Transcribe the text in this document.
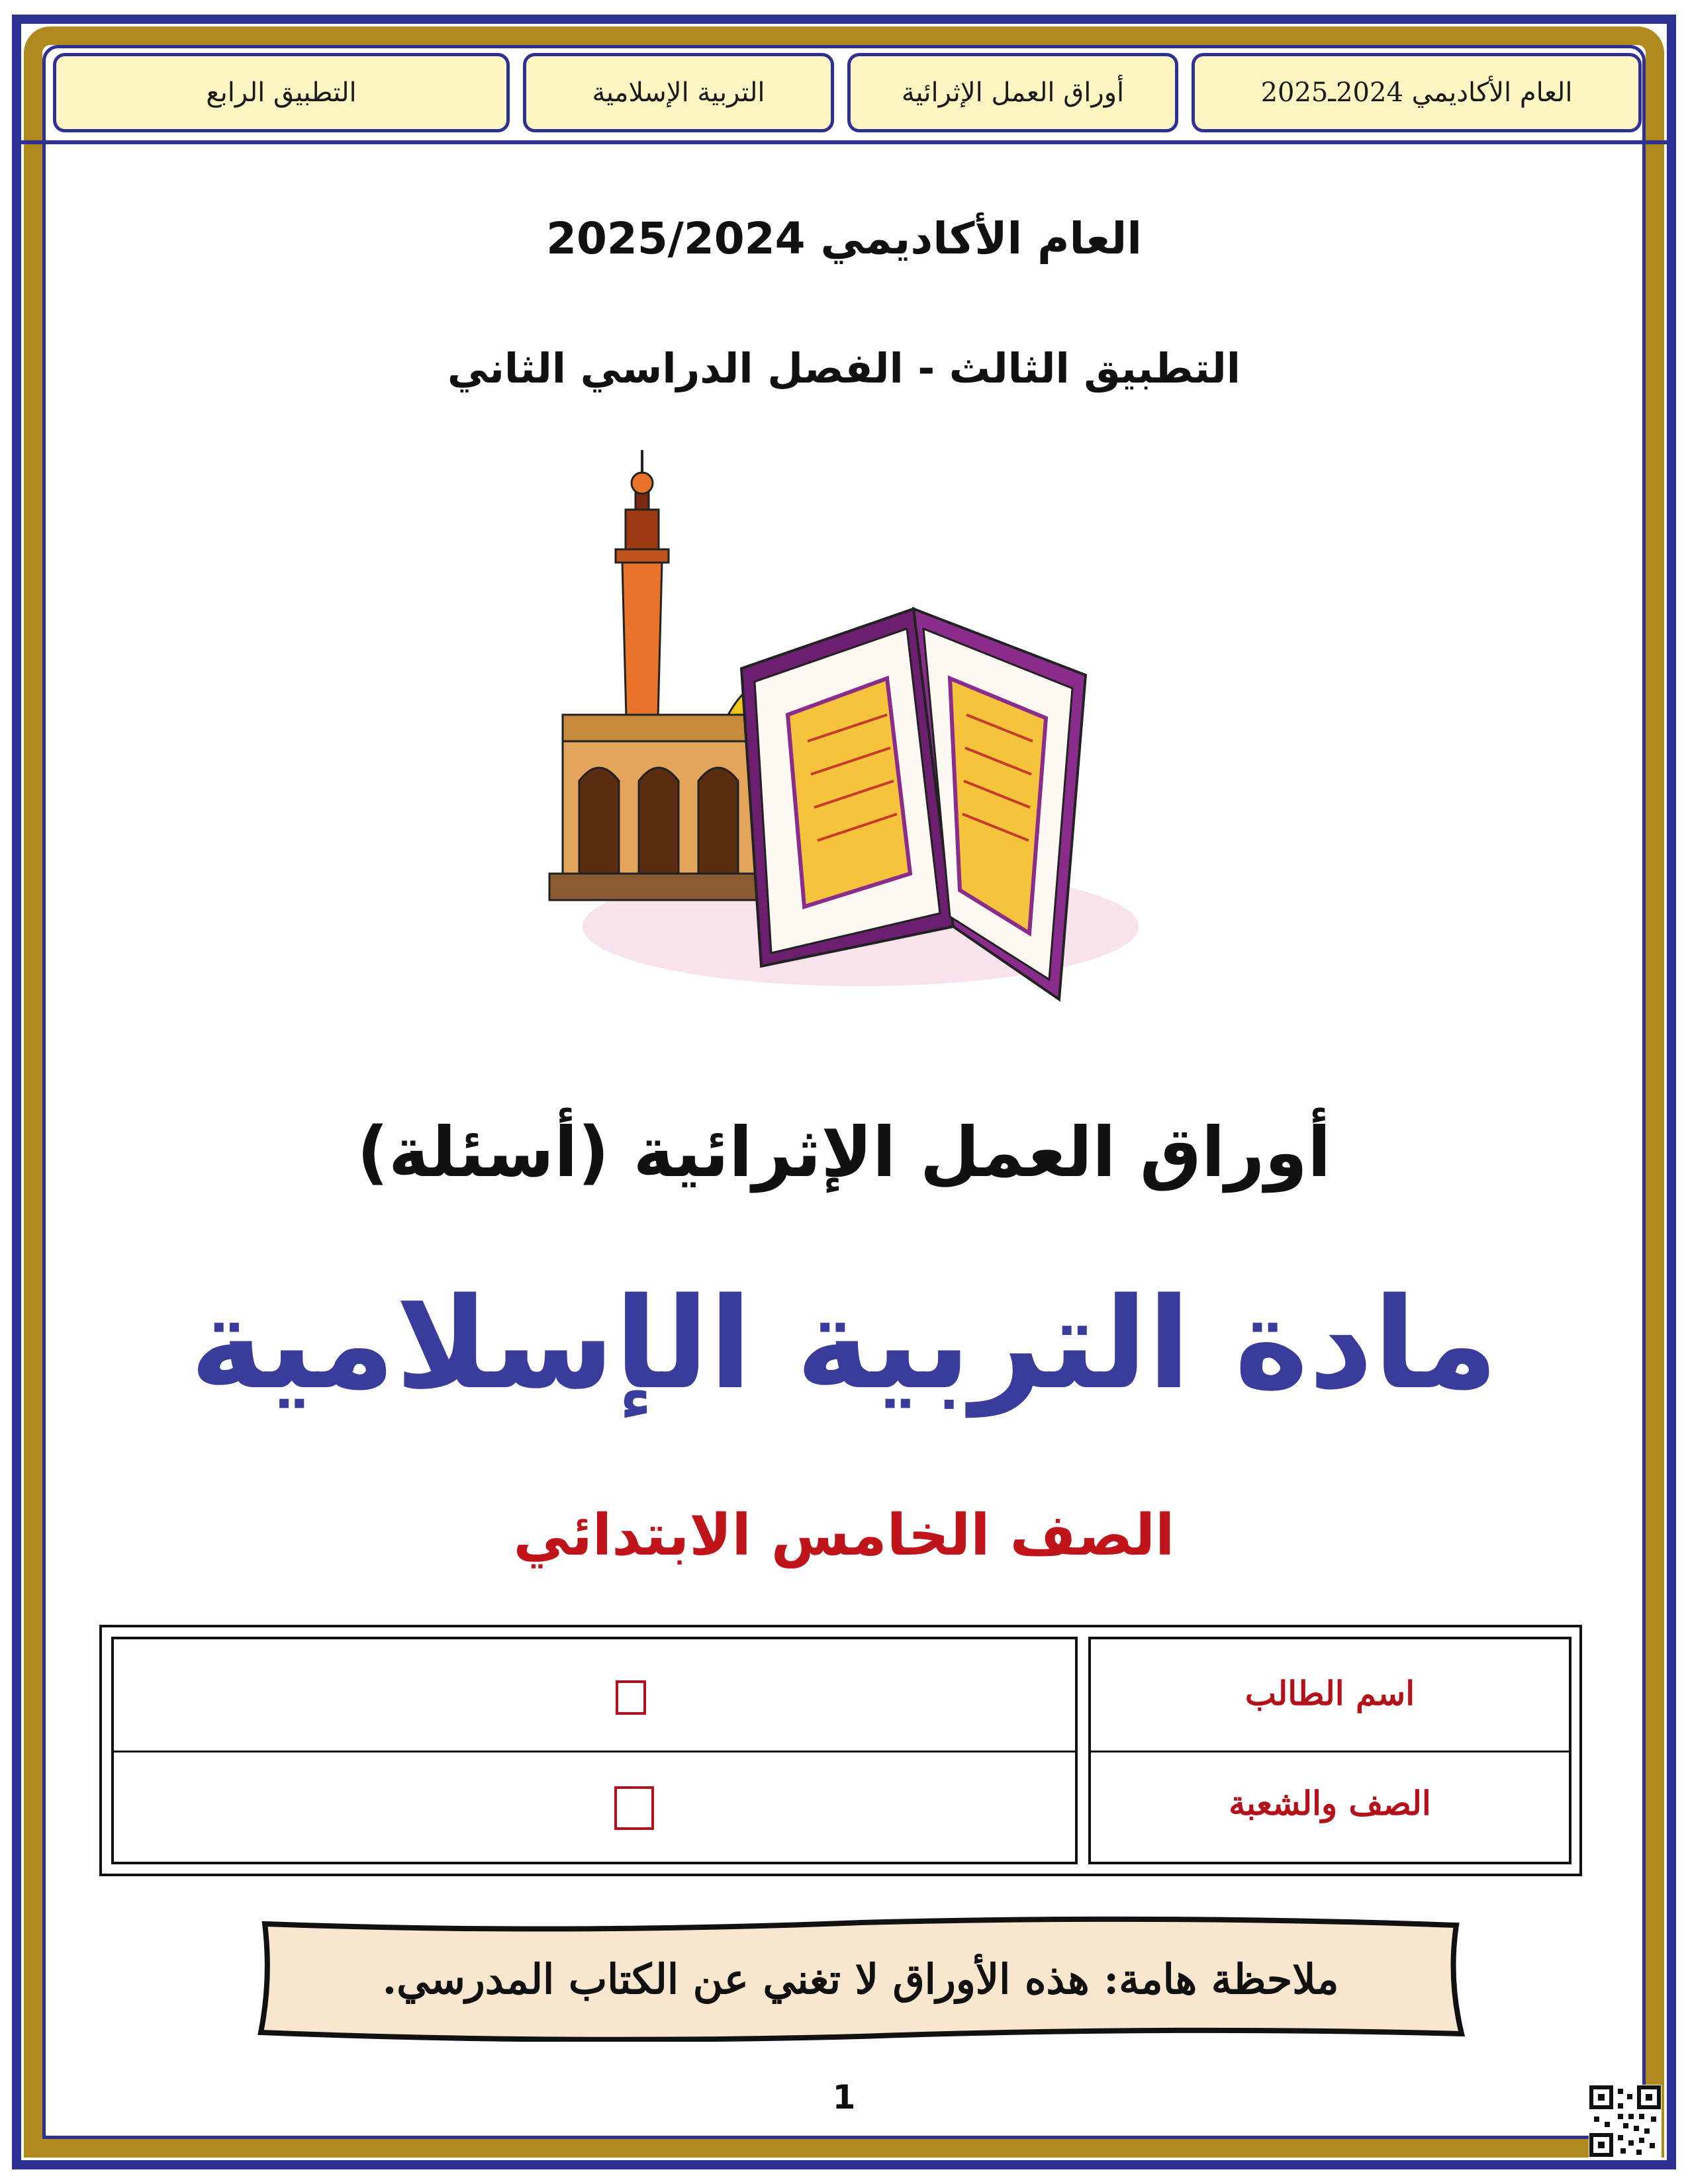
العام الأكاديمي 2024ـ2025
أوراق العمل الإثرائية
التربية الإسلامية
التطبيق الرابع
العام الأكاديمي 2025/2024
التطبيق الثالث - الفصل الدراسي الثاني
أوراق العمل الإثرائية (أسئلة)
مادة التربية الإسلامية
الصف الخامس الابتدائي
اسم الطالب
الصف والشعبة
ملاحظة هامة: هذه الأوراق لا تغني عن الكتاب المدرسي.
1
